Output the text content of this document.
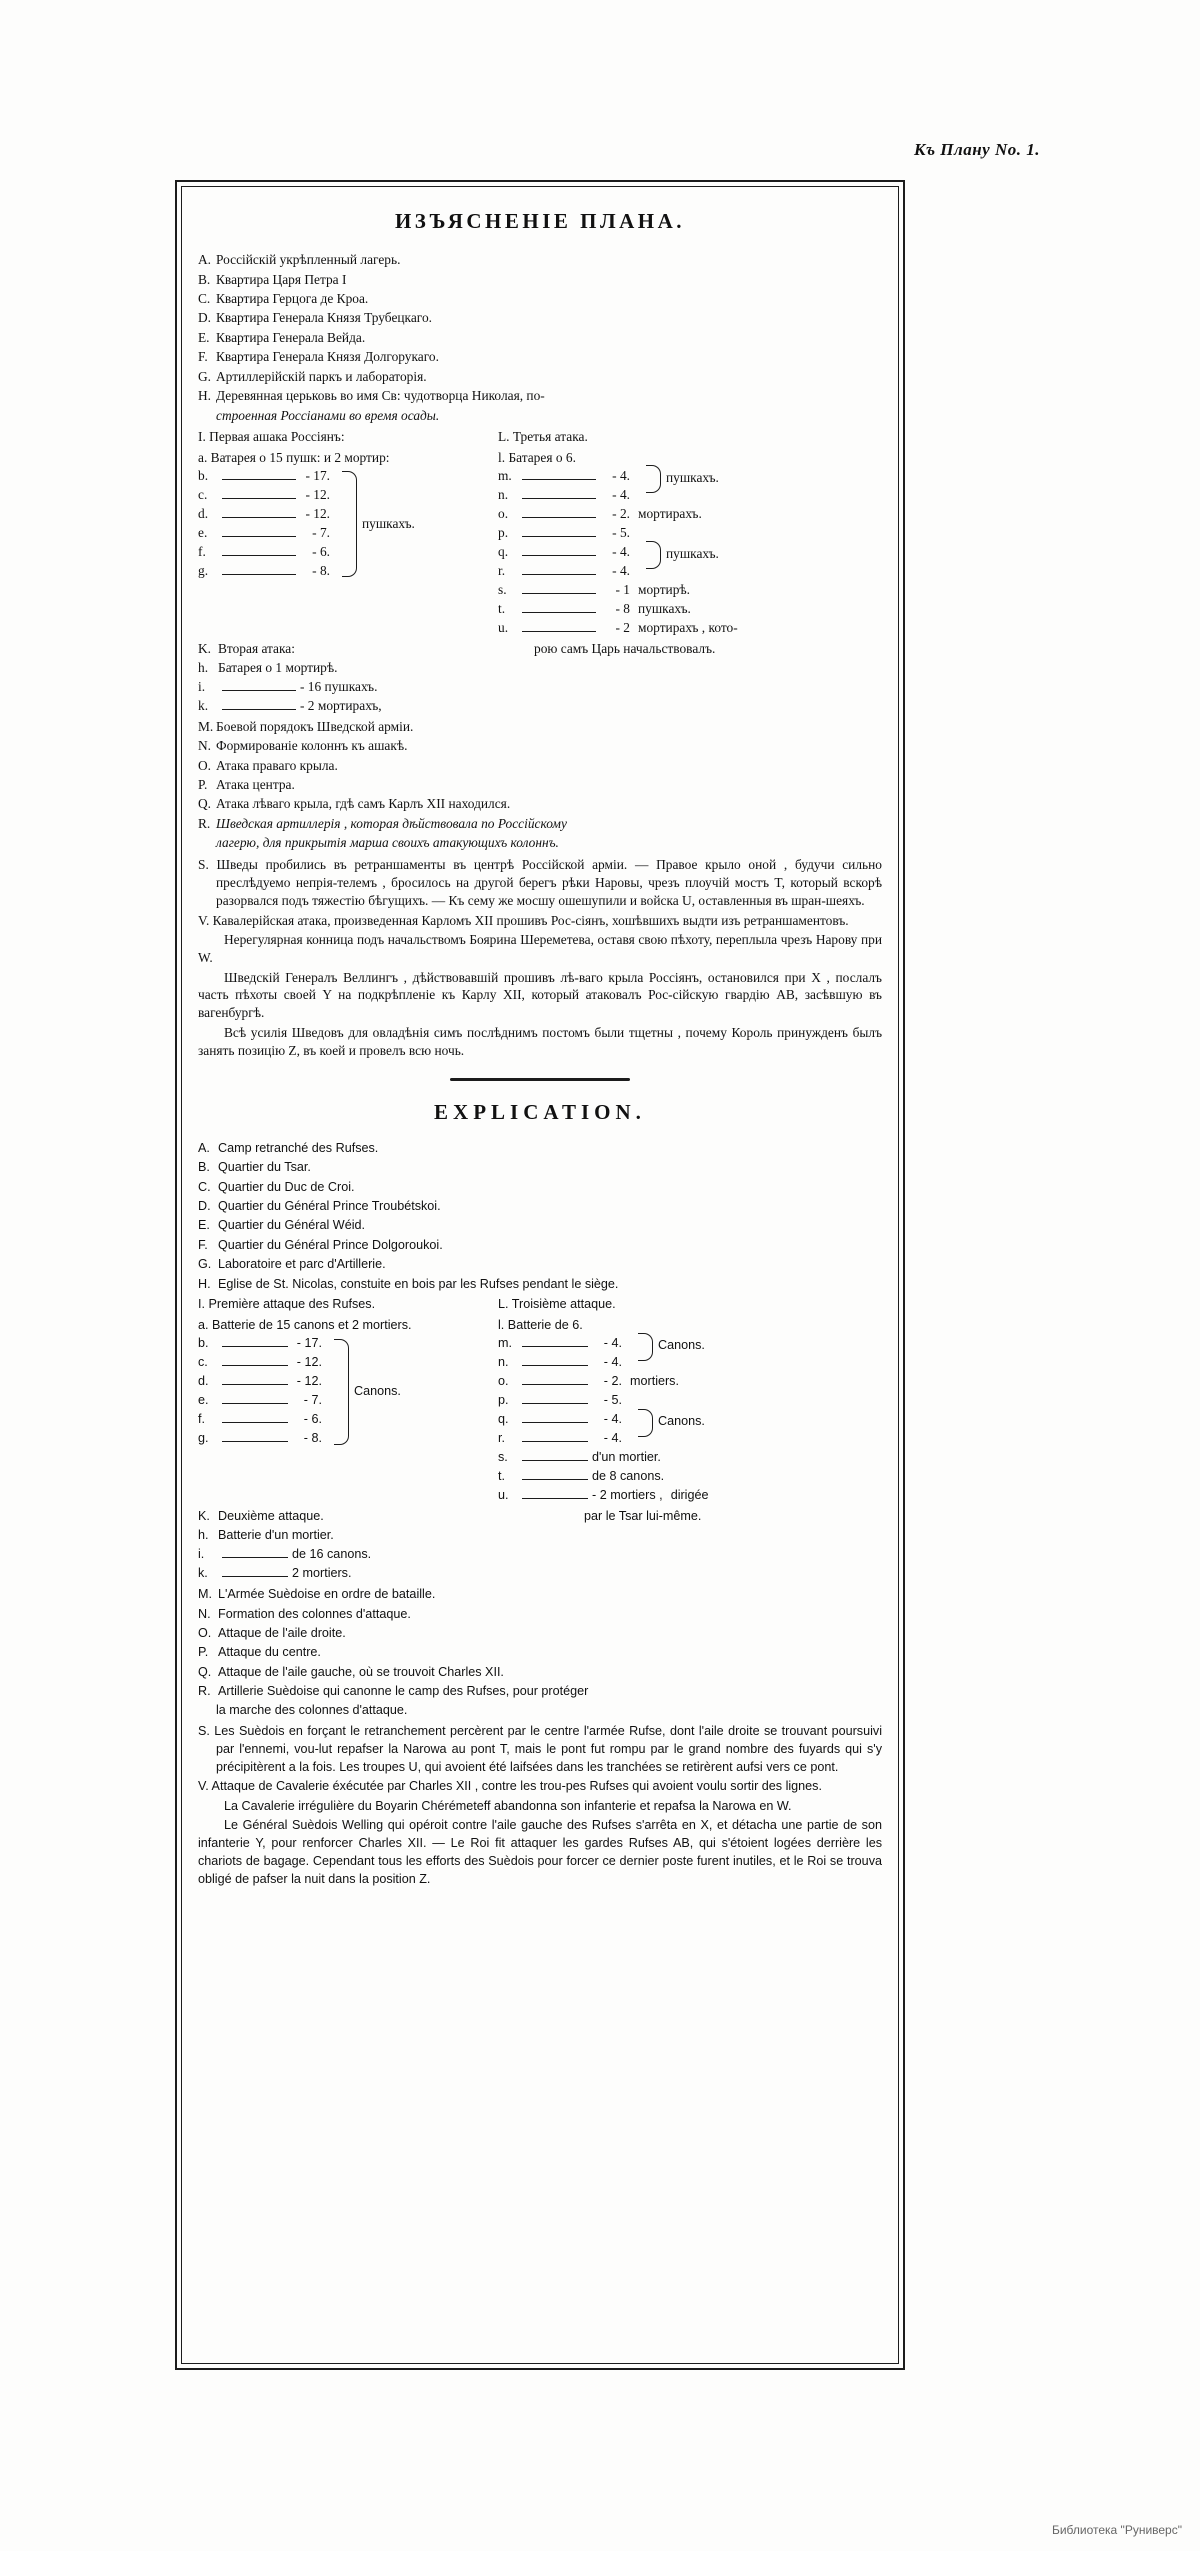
Къ Плану No. 1.
ИЗЪЯСНЕНIЕ ПЛАНА.
A. Россiйскiй укрѣпленный лагерь.
B. Квартира Царя Петра I
C. Квартира Герцога де Кроа.
D. Квартира Генерала Князя Трубецкаго.
E. Квартира Генерала Вейда.
F. Квартира Генерала Князя Долгорукаго.
G. Артиллерiйскiй паркъ и лабораторiя.
H. Деревянная церьковь во имя Св: чудотворца Николая, по-
строенная Россiанами во время осады.
I. Первая ашака Россiянъ:	L. Третья атака.
a. Ватарея о 15 пушк: и 2 мортир:	l. Батарея о 6.
b.	- 17.
c.	- 12.
d.	- 12.
e.	- 7.
f.	- 6.
g.	- 8.
пушкахъ.
m.	- 4.
n.	- 4.
o.	- 2. мортирахъ.
p.	- 5.
q.	- 4.
r.	- 4.
s.	- 1 мортирѣ.
t.	- 8 пушкахъ.
u.	- 2 мортирахъ , кото-
пушкахъ.
пушкахъ.
K. Вторая атака:
h. Батарея о 1 мортирѣ.
i.	- 16 пушкахъ.
k.	- 2 мортирахъ,
рою самъ Царь начальствовалъ.
M. Боевой порядокъ Шведской армiи.
N. Формированiе колоннъ къ ашакѣ.
O. Атака праваго крыла.
P. Атака центра.
Q. Атака лѣваго крыла, гдѣ самъ Карлъ XII находился.
R. Шведская артиллерiя , которая дѣйствовала по Россiйскому
лагерю, для прикрытiя марша своихъ атакующихъ колоннъ.

S. Шведы пробились въ ретраншаменты въ центрѣ Россiйской армiи. — Правое крыло оной , будучи сильно преслѣдуемо непрiя-телемъ , бросилось на другой берегъ рѣки Наровы, чрезъ плоучiй мостъ T, который вскорѣ разорвался подъ тяжестiю бѣгущихъ. — Къ сему же мосшу ошешупили и войска U, оставленныя въ шран-шеяхъ.

V. Кавалерiйская атака, произведенная Карломъ XII прошивъ Рос-сiянъ, хошѣвшихъ выдти изъ ретраншаментовъ.

Нерегулярная конница подъ начальствомъ Боярина Шереметева, оставя свою пѣхоту, переплыла чрезъ Нарову при W.

Шведскiй Генералъ Веллингъ , дѣйствовавшiй прошивъ лѣ-ваго крыла Россiянъ, остановился при X , послалъ часть пѣхоты своей Y на подкрѣпленiе къ Карлу XII, который атаковалъ Рос-сiйскую гвардiю AB, засѣвшую въ вагенбургѣ.

Всѣ усилiя Шведовъ для овладѣнiя симъ послѣднимъ постомъ были тщетны , почему Король принужденъ былъ занять позицiю Z, въ коей и провелъ всю ночь.

EXPLICATION.
A. Camp retranché des Rufses.
B. Quartier du Tsar.
C. Quartier du Duc de Croi.
D. Quartier du Général Prince Troubétskoi.
E. Quartier du Général Wéid.
F. Quartier du Général Prince Dolgoroukoi.
G. Laboratoire et parc d'Artillerie.
H. Eglise de St. Nicolas, constuite en bois par les Rufses pendant le siège.
I. Première attaque des Rufses.	L. Troisième attaque.
a. Batterie de 15 canons et 2 mortiers.	l. Batterie de 6.
b.	- 17.
c.	- 12.
d.	- 12.
e.	- 7.
f.	- 6.
g.	- 8.
Canons.
m.	- 4.
n.	- 4.
o.	- 2. mortiers.
p.	- 5.
q.	- 4.
r.	- 4.
s.	d'un mortier.
t.	de 8 canons.
u.	- 2 mortiers , dirigée
Canons.
Canons.
K. Deuxième attaque.
h. Batterie d'un mortier.
i.	de 16 canons.
k.	2 mortiers.
par le Tsar lui-même.
M. L'Armée Suèdoise en ordre de bataille.
N. Formation des colonnes d'attaque.
O. Attaque de l'aile droite.
P. Attaque du centre.
Q. Attaque de l'aile gauche, où se trouvoit Charles XII.
R. Artillerie Suèdoise qui canonne le camp des Rufses, pour protéger
la marche des colonnes d'attaque.

S. Les Suèdois en forçant le retranchement percèrent par le centre l'armée Rufse, dont l'aile droite se trouvant poursuivi par l'ennemi, vou-lut repafser la Narowa au pont T, mais le pont fut rompu par le grand nombre des fuyards qui s'y précipitèrent a la fois. Les troupes U, qui avoient été laifsées dans les tranchées se retirèrent aufsi vers ce pont.

V. Attaque de Cavalerie éxécutée par Charles XII , contre les trou-pes Rufses qui avoient voulu sortir des lignes.

La Cavalerie irrégulière du Boyarin Chérémeteff abandonna son infanterie et repafsa la Narowa en W.

Le Général Suèdois Welling qui opéroit contre l'aile gauche des Rufses s'arrêta en X, et détacha une partie de son infanterie Y, pour renforcer Charles XII. — Le Roi fit attaquer les gardes Rufses AB, qui s'étoient logées derrière les chariots de bagage. Cependant tous les efforts des Suèdois pour forcer ce dernier poste furent inutiles, et le Roi se trouva obligé de pafser la nuit dans la position Z.

Библиотека "Руниверс"
